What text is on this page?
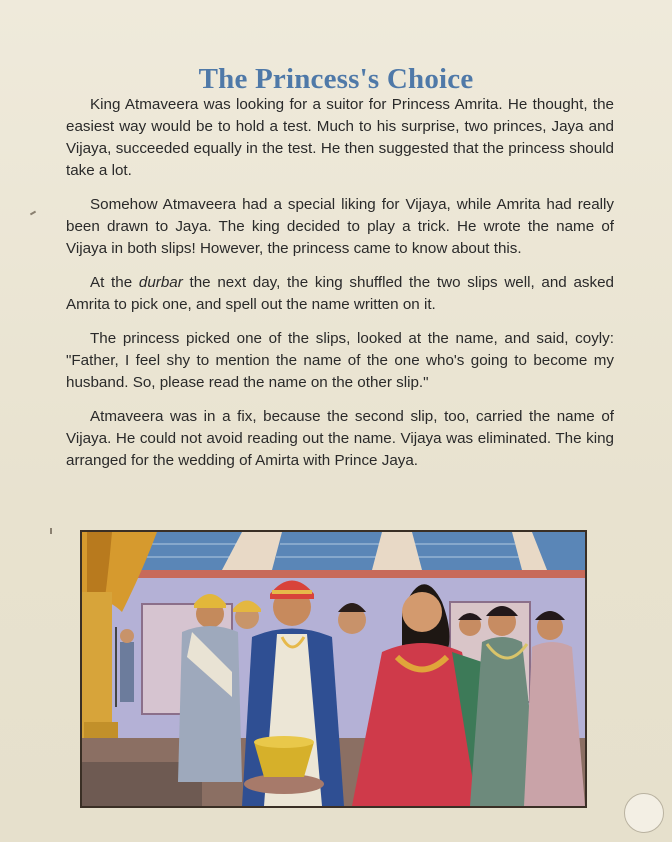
The Princess's Choice

King Atmaveera was looking for a suitor for Princess Amrita. He thought, the easiest way would be to hold a test. Much to his surprise, two princes, Jaya and Vijaya, succeeded equally in the test. He then suggested that the princess should take a lot.

Somehow Atmaveera had a special liking for Vijaya, while Amrita had really been drawn to Jaya. The king decided to play a trick. He wrote the name of Vijaya in both slips! However, the princess came to know about this.

At the durbar the next day, the king shuffled the two slips well, and asked Amrita to pick one, and spell out the name written on it.

The princess picked one of the slips, looked at the name, and said, coyly: "Father, I feel shy to mention the name of the one who's going to become my husband. So, please read the name on the other slip."

Atmaveera was in a fix, because the second slip, too, carried the name of Vijaya. He could not avoid reading out the name. Vijaya was eliminated. The king arranged for the wedding of Amirta with Prince Jaya.
